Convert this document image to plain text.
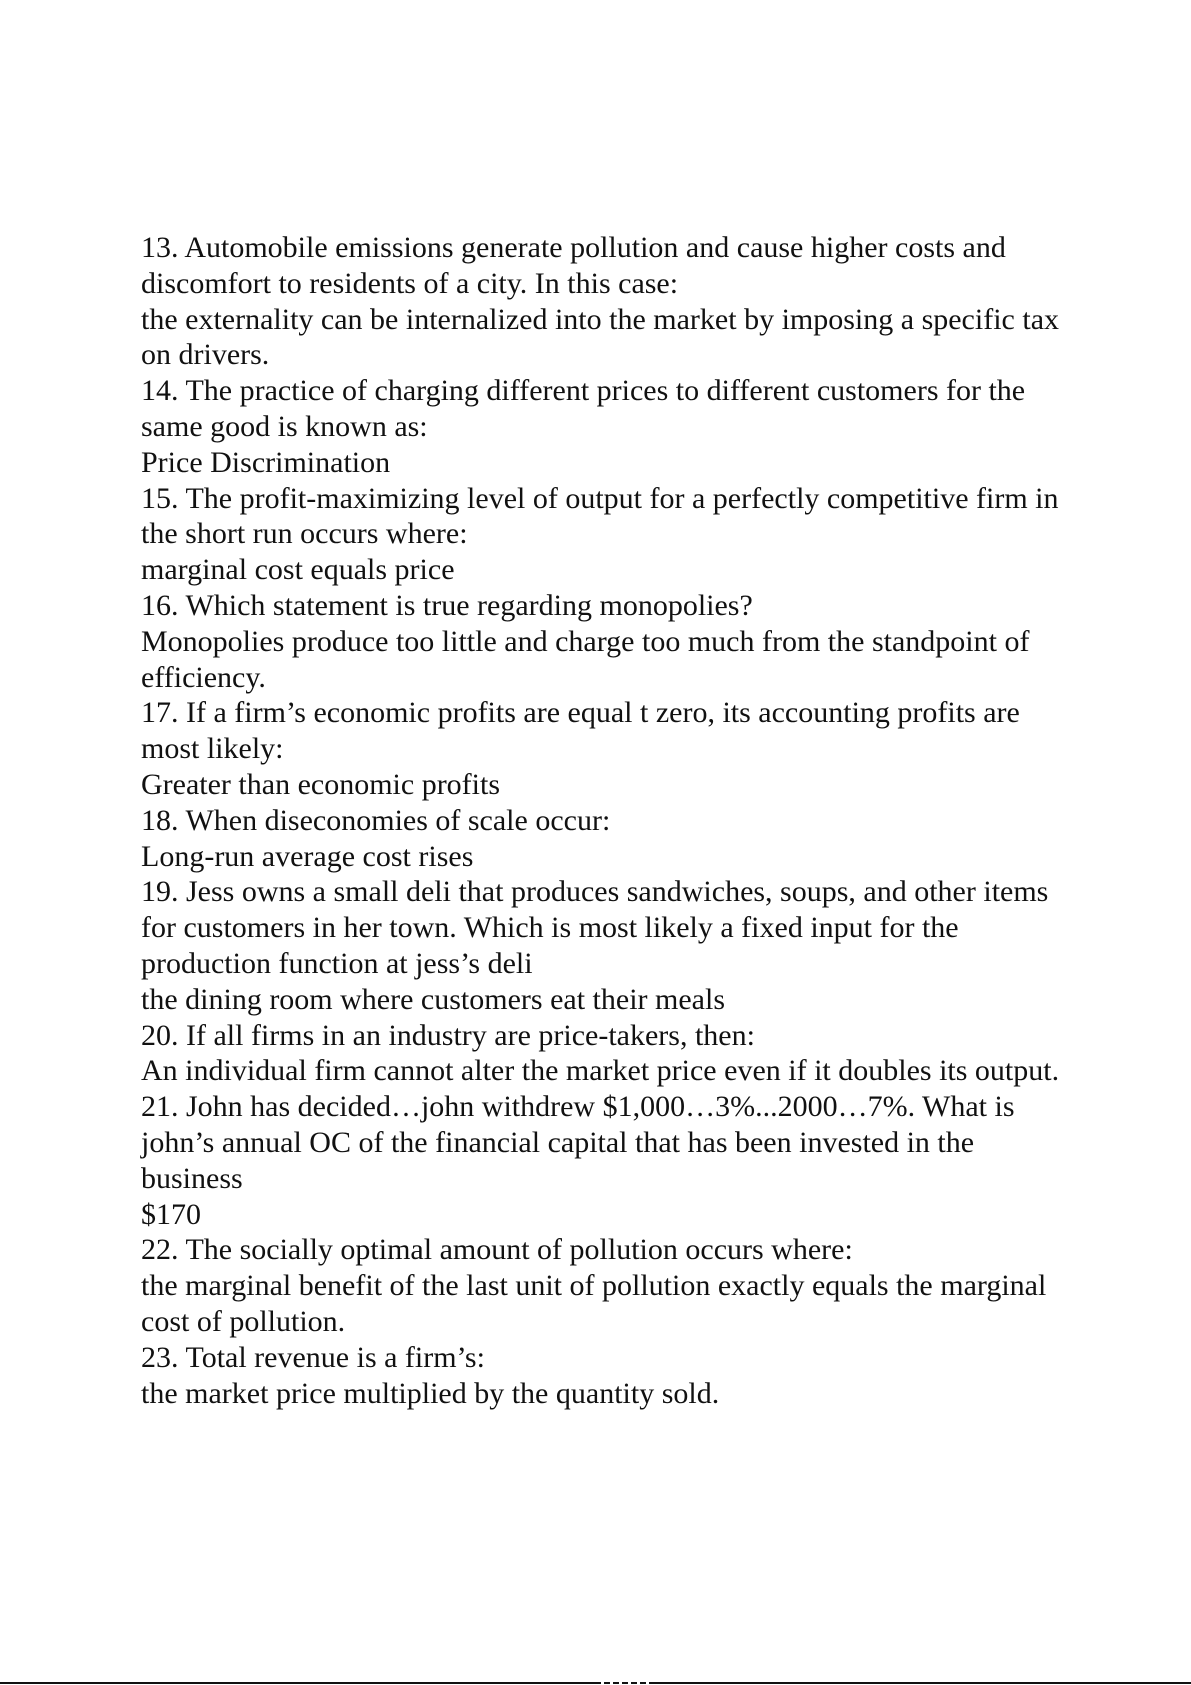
13. Automobile emissions generate pollution and cause higher costs and discomfort to residents of a city. In this case:

the externality can be internalized into the market by imposing a specific tax on drivers.

14. The practice of charging different prices to different customers for the same good is known as:

Price Discrimination

15. The profit-maximizing level of output for a perfectly competitive firm in the short run occurs where:

marginal cost equals price

16. Which statement is true regarding monopolies?

Monopolies produce too little and charge too much from the standpoint of efficiency.

17. If a firm’s economic profits are equal t zero, its accounting profits are most likely:

Greater than economic profits

18. When diseconomies of scale occur:

Long-run average cost rises

19. Jess owns a small deli that produces sandwiches, soups, and other items for customers in her town. Which is most likely a fixed input for the production function at jess’s deli

the dining room where customers eat their meals

20. If all firms in an industry are price-takers, then:

An individual firm cannot alter the market price even if it doubles its output.

21. John has decided…john withdrew $1,000…3%...2000…7%. What is john’s annual OC of the financial capital that has been invested in the business

$170

22. The socially optimal amount of pollution occurs where:

the marginal benefit of the last unit of pollution exactly equals the marginal cost of pollution.

23. Total revenue is a firm’s:

the market price multiplied by the quantity sold.
